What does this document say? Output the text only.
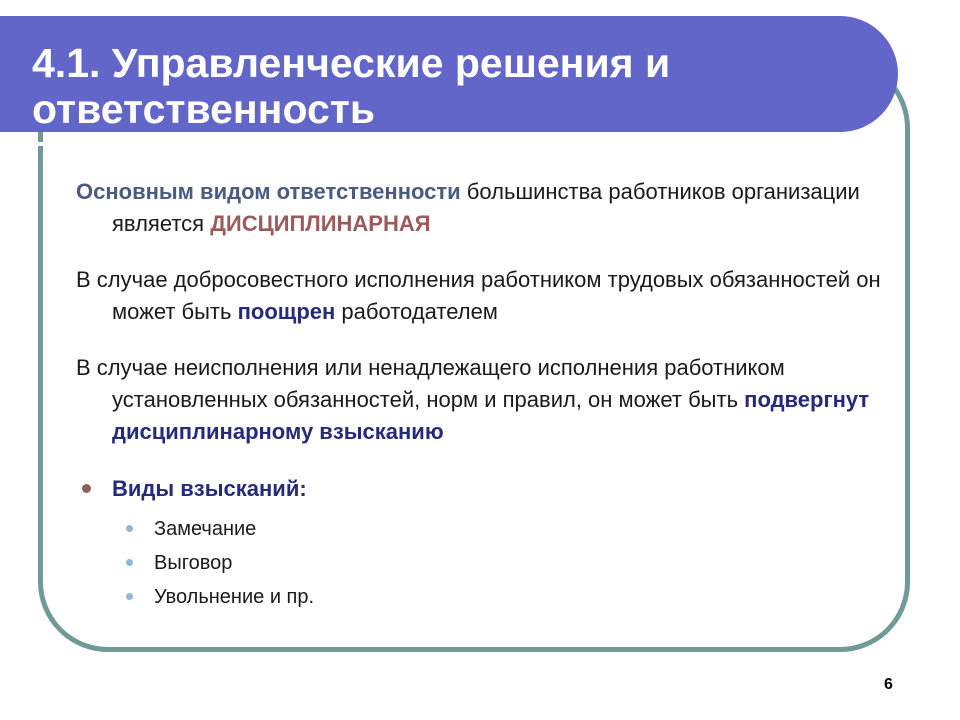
4.1. Управленческие решения и ответственность

Основным видом ответственности большинства работников организации является ДИСЦИПЛИНАРНАЯ

В случае добросовестного исполнения работником трудовых обязанностей он может быть поощрен работодателем

В случае неисполнения или ненадлежащего исполнения работником установленных обязанностей, норм и правил, он может быть подвергнут дисциплинарному взысканию

Виды взысканий:
Замечание
Выговор
Увольнение и пр.
6
